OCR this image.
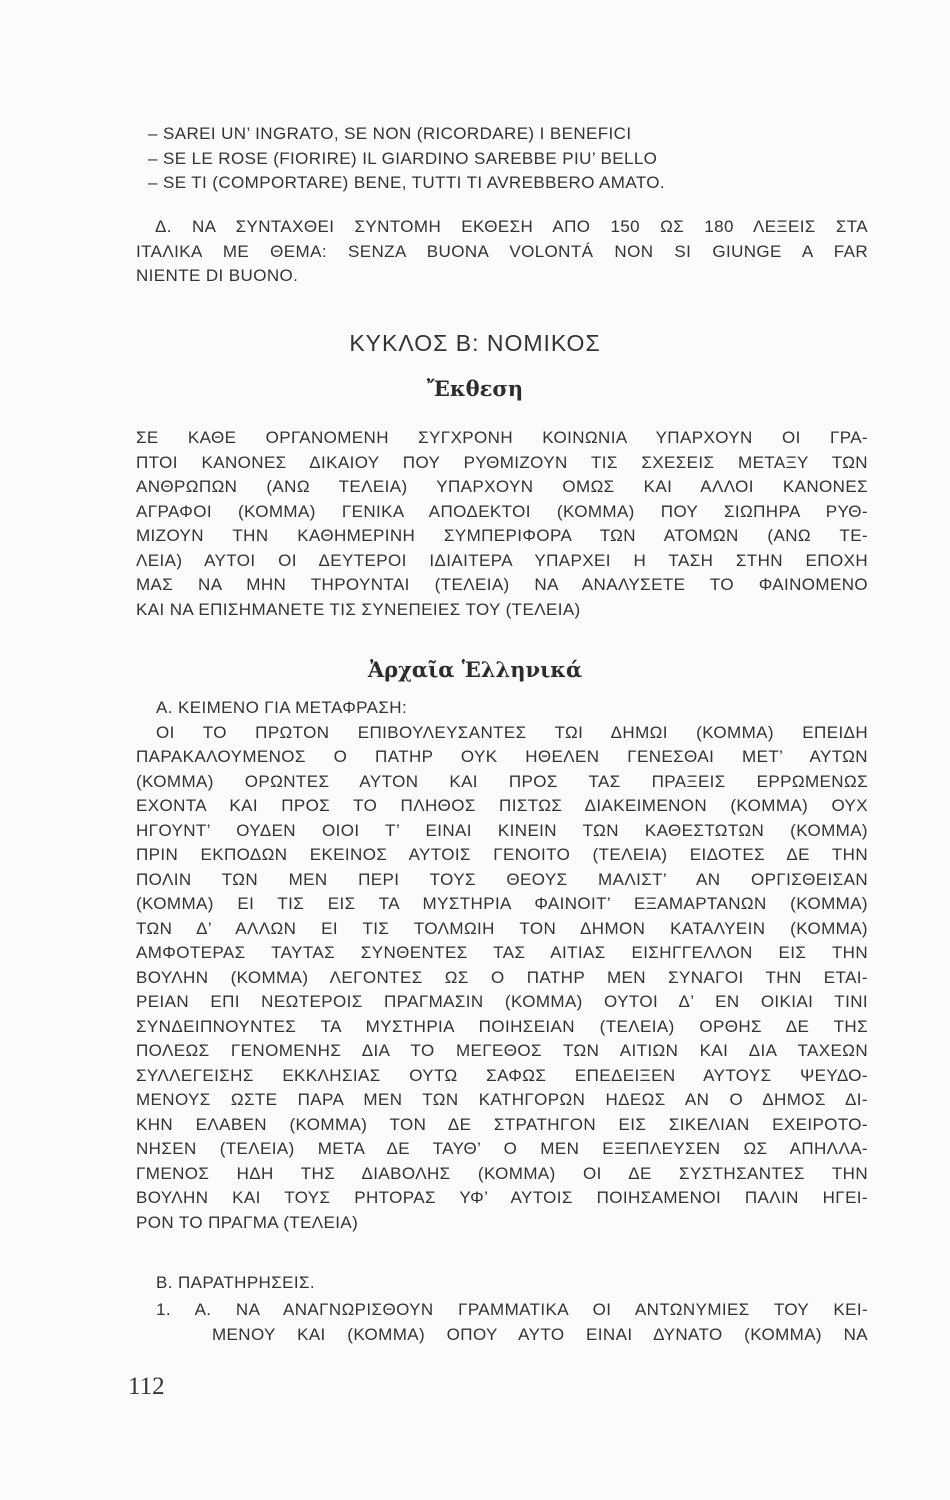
– SAREI UN’ INGRATO, SE NON (RICORDARE) I BENEFICI
– SE LE ROSE (FIORIRE) IL GIARDINO SAREBBE PIU’ BELLO
– SE TI (COMPORTARE) BENE, TUTTI TI AVREBBERO AMATO.
Δ. ΝΑ ΣΥΝΤΑΧΘΕΙ ΣΥΝΤΟΜΗ ΕΚΘΕΣΗ ΑΠΟ 150 ΩΣ 180 ΛΕΞΕΙΣ ΣΤΑ
ΙΤΑΛΙΚΑ ΜΕ ΘΕΜΑ: SENZA BUONA VOLONTÁ NON SI GIUNGE A FAR
NIENTE DI BUONO.
ΚΥΚΛΟΣ Β: ΝΟΜΙΚΟΣ
Ἔκθεση
ΣΕ ΚΑΘΕ ΟΡΓΑΝΟΜΕΝΗ ΣΥΓΧΡΟΝΗ ΚΟΙΝΩΝΙΑ ΥΠΑΡΧΟΥΝ ΟΙ ΓΡΑ-
ΠΤΟΙ ΚΑΝΟΝΕΣ ΔΙΚΑΙΟΥ ΠΟΥ ΡΥΘΜΙΖΟΥΝ ΤΙΣ ΣΧΕΣΕΙΣ ΜΕΤΑΞΥ ΤΩΝ
ΑΝΘΡΩΠΩΝ (ΑΝΩ ΤΕΛΕΙΑ) ΥΠΑΡΧΟΥΝ ΟΜΩΣ ΚΑΙ ΑΛΛΟΙ ΚΑΝΟΝΕΣ
ΑΓΡΑΦΟΙ (ΚΟΜΜΑ) ΓΕΝΙΚΑ ΑΠΟΔΕΚΤΟΙ (ΚΟΜΜΑ) ΠΟΥ ΣΙΩΠΗΡΑ ΡΥΘ-
ΜΙΖΟΥΝ ΤΗΝ ΚΑΘΗΜΕΡΙΝΗ ΣΥΜΠΕΡΙΦΟΡΑ ΤΩΝ ΑΤΟΜΩΝ (ΑΝΩ ΤΕ-
ΛΕΙΑ) ΑΥΤΟΙ ΟΙ ΔΕΥΤΕΡΟΙ ΙΔΙΑΙΤΕΡΑ ΥΠΑΡΧΕΙ Η ΤΑΣΗ ΣΤΗΝ ΕΠΟΧΗ
ΜΑΣ ΝΑ ΜΗΝ ΤΗΡΟΥΝΤΑΙ (ΤΕΛΕΙΑ) ΝΑ ΑΝΑΛΥΣΕΤΕ ΤΟ ΦΑΙΝΟΜΕΝΟ
ΚΑΙ ΝΑ ΕΠΙΣΗΜΑΝΕΤΕ ΤΙΣ ΣΥΝΕΠΕΙΕΣ ΤΟΥ (ΤΕΛΕΙΑ)
Ἀρχαῖα Ἑλληνικά
Α. ΚΕΙΜΕΝΟ ΓΙΑ ΜΕΤΑΦΡΑΣΗ:
ΟΙ ΤΟ ΠΡΩΤΟΝ ΕΠΙΒΟΥΛΕΥΣΑΝΤΕΣ ΤΩΙ ΔΗΜΩΙ (ΚΟΜΜΑ) ΕΠΕΙΔΗ
ΠΑΡΑΚΑΛΟΥΜΕΝΟΣ Ο ΠΑΤΗΡ ΟΥΚ ΗΘΕΛΕΝ ΓΕΝΕΣΘΑΙ ΜΕΤ’ ΑΥΤΩΝ
(ΚΟΜΜΑ) ΟΡΩΝΤΕΣ ΑΥΤΟΝ ΚΑΙ ΠΡΟΣ ΤΑΣ ΠΡΑΞΕΙΣ ΕΡΡΩΜΕΝΩΣ
ΕΧΟΝΤΑ ΚΑΙ ΠΡΟΣ ΤΟ ΠΛΗΘΟΣ ΠΙΣΤΩΣ ΔΙΑΚΕΙΜΕΝΟΝ (ΚΟΜΜΑ) ΟΥΧ
ΗΓΟΥΝΤ’ ΟΥΔΕΝ ΟΙΟΙ Τ’ ΕΙΝΑΙ ΚΙΝΕΙΝ ΤΩΝ ΚΑΘΕΣΤΩΤΩΝ (ΚΟΜΜΑ)
ΠΡΙΝ ΕΚΠΟΔΩΝ ΕΚΕΙΝΟΣ ΑΥΤΟΙΣ ΓΕΝΟΙΤΟ (ΤΕΛΕΙΑ) ΕΙΔΟΤΕΣ ΔΕ ΤΗΝ
ΠΟΛΙΝ ΤΩΝ ΜΕΝ ΠΕΡΙ ΤΟΥΣ ΘΕΟΥΣ ΜΑΛΙΣΤ’ ΑΝ ΟΡΓΙΣΘΕΙΣΑΝ
(ΚΟΜΜΑ) ΕΙ ΤΙΣ ΕΙΣ ΤΑ ΜΥΣΤΗΡΙΑ ΦΑΙΝΟΙΤ’ ΕΞΑΜΑΡΤΑΝΩΝ (ΚΟΜΜΑ)
ΤΩΝ Δ’ ΑΛΛΩΝ ΕΙ ΤΙΣ ΤΟΛΜΩΙΗ ΤΟΝ ΔΗΜΟΝ ΚΑΤΑΛΥΕΙΝ (ΚΟΜΜΑ)
ΑΜΦΟΤΕΡΑΣ ΤΑΥΤΑΣ ΣΥΝΘΕΝΤΕΣ ΤΑΣ ΑΙΤΙΑΣ ΕΙΣΗΓΓΕΛΛΟΝ ΕΙΣ ΤΗΝ
ΒΟΥΛΗΝ (ΚΟΜΜΑ) ΛΕΓΟΝΤΕΣ ΩΣ Ο ΠΑΤΗΡ ΜΕΝ ΣΥΝΑΓΟΙ ΤΗΝ ΕΤΑΙ-
ΡΕΙΑΝ ΕΠΙ ΝΕΩΤΕΡΟΙΣ ΠΡΑΓΜΑΣΙΝ (ΚΟΜΜΑ) ΟΥΤΟΙ Δ’ ΕΝ ΟΙΚΙΑΙ ΤΙΝΙ
ΣΥΝΔΕΙΠΝΟΥΝΤΕΣ ΤΑ ΜΥΣΤΗΡΙΑ ΠΟΙΗΣΕΙΑΝ (ΤΕΛΕΙΑ) ΟΡΘΗΣ ΔΕ ΤΗΣ
ΠΟΛΕΩΣ ΓΕΝΟΜΕΝΗΣ ΔΙΑ ΤΟ ΜΕΓΕΘΟΣ ΤΩΝ ΑΙΤΙΩΝ ΚΑΙ ΔΙΑ ΤΑΧΕΩΝ
ΣΥΛΛΕΓΕΙΣΗΣ ΕΚΚΛΗΣΙΑΣ ΟΥΤΩ ΣΑΦΩΣ ΕΠΕΔΕΙΞΕΝ ΑΥΤΟΥΣ ΨΕΥΔΟ-
ΜΕΝΟΥΣ ΩΣΤΕ ΠΑΡΑ ΜΕΝ ΤΩΝ ΚΑΤΗΓΟΡΩΝ ΗΔΕΩΣ ΑΝ Ο ΔΗΜΟΣ ΔΙ-
ΚΗΝ ΕΛΑΒΕΝ (ΚΟΜΜΑ) ΤΟΝ ΔΕ ΣΤΡΑΤΗΓΟΝ ΕΙΣ ΣΙΚΕΛΙΑΝ ΕΧΕΙΡΟΤΟ-
ΝΗΣΕΝ (ΤΕΛΕΙΑ) ΜΕΤΑ ΔΕ ΤΑΥΘ’ Ο ΜΕΝ ΕΞΕΠΛΕΥΣΕΝ ΩΣ ΑΠΗΛΛΑ-
ΓΜΕΝΟΣ ΗΔΗ ΤΗΣ ΔΙΑΒΟΛΗΣ (ΚΟΜΜΑ) ΟΙ ΔΕ ΣΥΣΤΗΣΑΝΤΕΣ ΤΗΝ
ΒΟΥΛΗΝ ΚΑΙ ΤΟΥΣ ΡΗΤΟΡΑΣ ΥΦ’ ΑΥΤΟΙΣ ΠΟΙΗΣΑΜΕΝΟΙ ΠΑΛΙΝ ΗΓΕΙ-
ΡΟΝ ΤΟ ΠΡΑΓΜΑ (ΤΕΛΕΙΑ)
Β. ΠΑΡΑΤΗΡΗΣΕΙΣ.
1. Α. ΝΑ ΑΝΑΓΝΩΡΙΣΘΟΥΝ ΓΡΑΜΜΑΤΙΚΑ ΟΙ ΑΝΤΩΝΥΜΙΕΣ ΤΟΥ ΚΕΙ-
ΜΕΝΟΥ ΚΑΙ (ΚΟΜΜΑ) ΟΠΟΥ ΑΥΤΟ ΕΙΝΑΙ ΔΥΝΑΤΟ (ΚΟΜΜΑ) ΝΑ
112
